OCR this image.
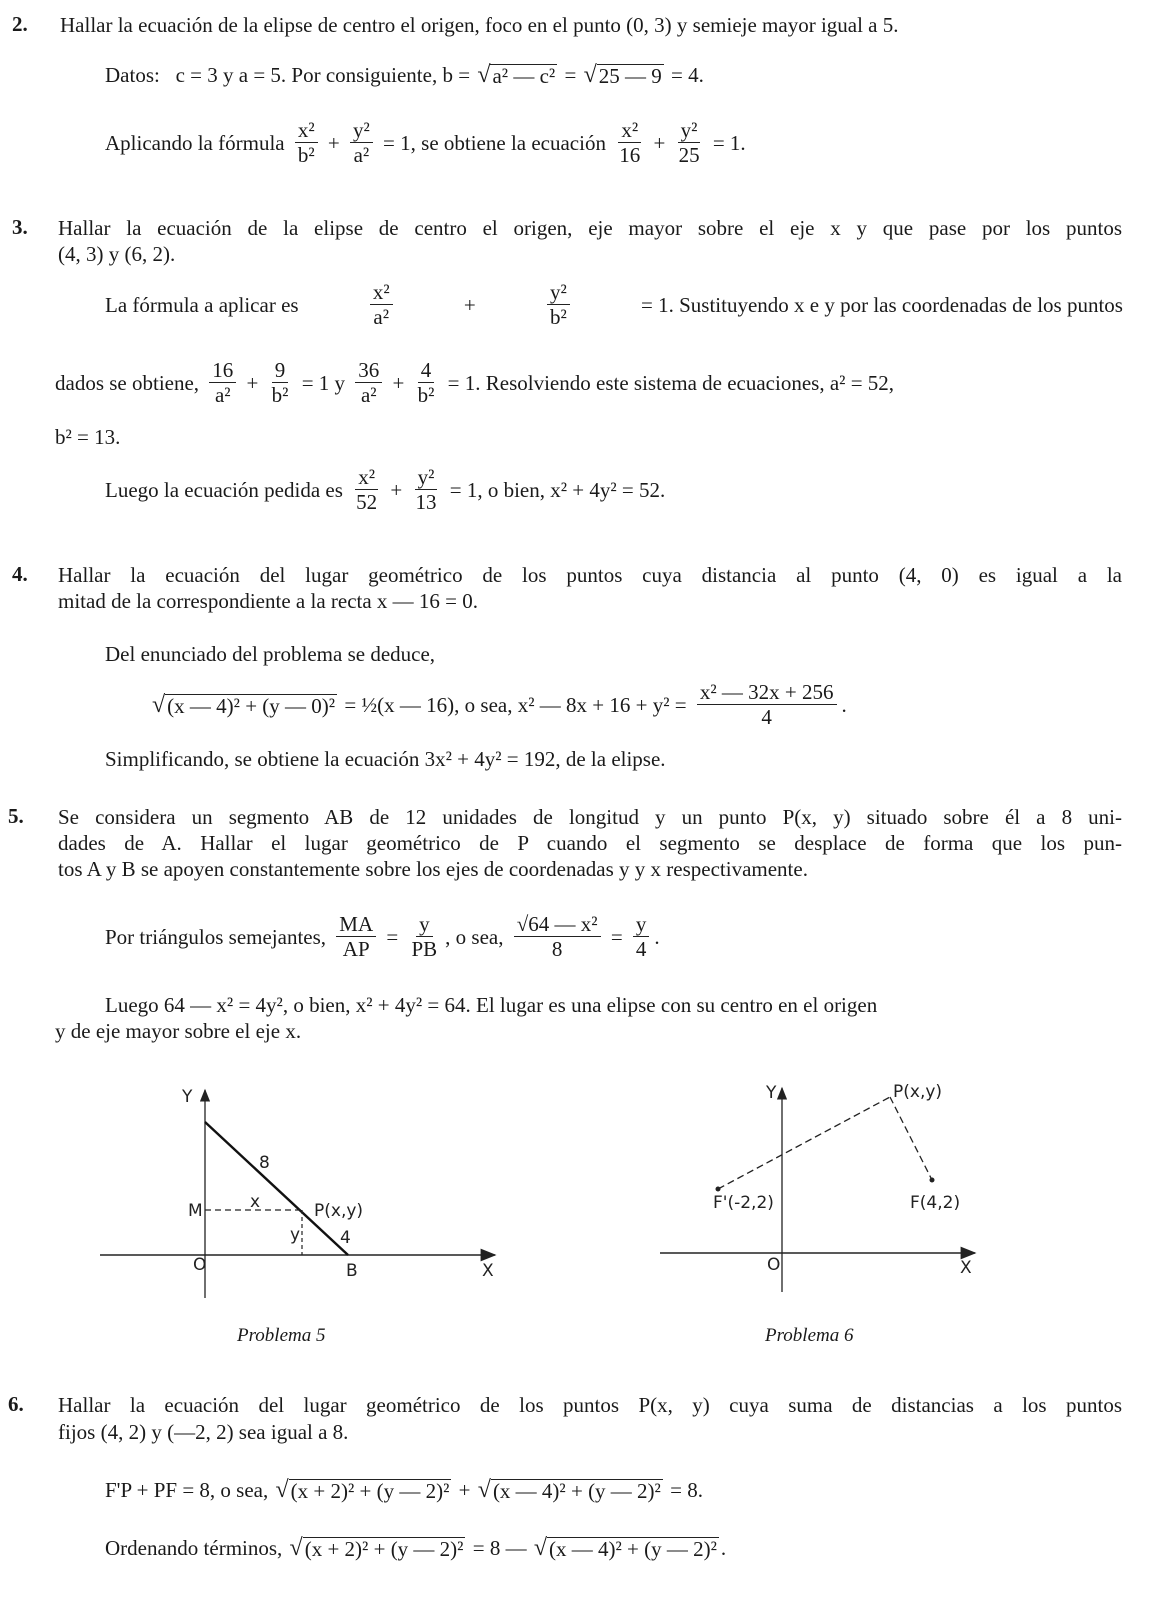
2. Hallar la ecuación de la elipse de centro el origen, foco en el punto (0, 3) y semieje mayor igual a 5.
Datos:   c = 3 y a = 5. Por consiguiente, b = √ a² — c² = √ 25 — 9 = 4.
Aplicando la fórmula $\frac{\text{x²}}{\text{b²}} + \frac{\text{y²}}{\text{a²}} = 1$, se obtiene la ecuación $\frac{\text{x²}}{16} + \frac{\text{y²}}{25} = 1$.
3. Hallar la ecuación de la elipse de centro el origen, eje mayor sobre el eje x y que pase por los puntos
(4, 3) y (6, 2).
La fórmula a aplicar es	$\frac{\text{x²}}{\text{a²}}$	+	$\frac{\text{y²}}{\text{b²}}$	= 1. Sustituyendo x e y por las coordenadas de los puntos
dados se obtiene, $\frac{16}{\text{a²}} + \frac{9}{\text{b²}} = 1$ y $\frac{36}{\text{a²}} + \frac{4}{\text{b²}} = 1$. Resolviendo este sistema de ecuaciones, a² = 52,
b² = 13.
Luego la ecuación pedida es $\frac{\text{x²}}{52} + \frac{\text{y²}}{13} = 1$, o bien, x² + 4y² = 52.
4. Hallar la ecuación del lugar geométrico de los puntos cuya distancia al punto (4, 0) es igual a la
mitad de la correspondiente a la recta x — 16 = 0.
Del enunciado del problema se deduce,
√ (x — 4)² + (y — 0)² = ½(x — 16), o sea, x² — $8x + 16 + y^2 = \frac{\text{x² — 32x + 256}}{4}$ .
Simplificando, se obtiene la ecuación 3x² + 4y² = 192, de la elipse.
5. Se considera un segmento AB de 12 unidades de longitud y un punto P(x, y) situado sobre él a 8 uni-
dades de A. Hallar el lugar geométrico de P cuando el segmento se desplace de forma que los pun-
tos A y B se apoyen constantemente sobre los ejes de coordenadas y y x respectivamente.
Por triángulos semejantes, $\frac{MA}{AP} = \frac{y}{PB}$ , o sea, $\frac{\text{√64 — x²}}{8} = \frac{y}{4}$ .
Luego 64 — x² = 4y², o bien, x² + 4y² = 64. El lugar es una elipse con su centro en el origen
y de eje mayor sobre el eje x.
Y
8
M	x	P(x,y)
y 4
O	B	X
Y	P(x,y)
F'(-2,2)	F(4,2)
O	X
Problema 5	Problema 6
6. Hallar la ecuación del lugar geométrico de los puntos P(x, y) cuya suma de distancias a los puntos
fijos (4, 2) y (—2, 2) sea igual a 8.
F'P + PF = 8, o sea, √ (x + 2)² + (y — 2)² + √ (x — 4)² + (y — 2)² = 8.
Ordenando términos, √ (x + 2)² + (y — 2)² = 8 — √ (x — 4)² + (y — 2)² .
